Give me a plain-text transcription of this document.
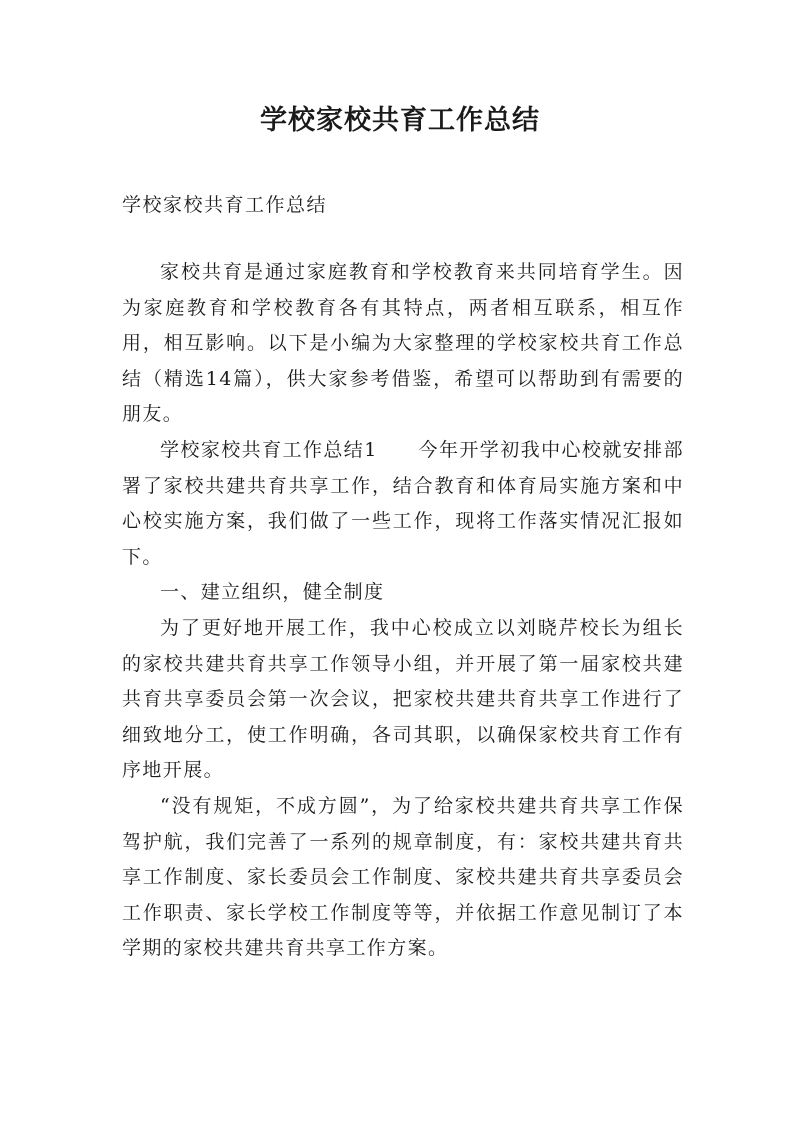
学校家校共育工作总结
学校家校共育工作总结

家校共育是通过家庭教育和学校教育来共同培育学生。因为家庭教育和学校教育各有其特点，两者相互联系，相互作用，相互影响。以下是小编为大家整理的学校家校共育工作总结（精选14篇），供大家参考借鉴，希望可以帮助到有需要的朋友。

学校家校共育工作总结1　　今年开学初我中心校就安排部署了家校共建共育共享工作，结合教育和体育局实施方案和中心校实施方案，我们做了一些工作，现将工作落实情况汇报如下。

一、建立组织，健全制度

为了更好地开展工作，我中心校成立以刘晓芹校长为组长的家校共建共育共享工作领导小组，并开展了第一届家校共建共育共享委员会第一次会议，把家校共建共育共享工作进行了细致地分工，使工作明确，各司其职，以确保家校共育工作有序地开展。

“没有规矩，不成方圆”，为了给家校共建共育共享工作保驾护航，我们完善了一系列的规章制度，有：家校共建共育共享工作制度、家长委员会工作制度、家校共建共育共享委员会工作职责、家长学校工作制度等等，并依据工作意见制订了本学期的家校共建共育共享工作方案。
